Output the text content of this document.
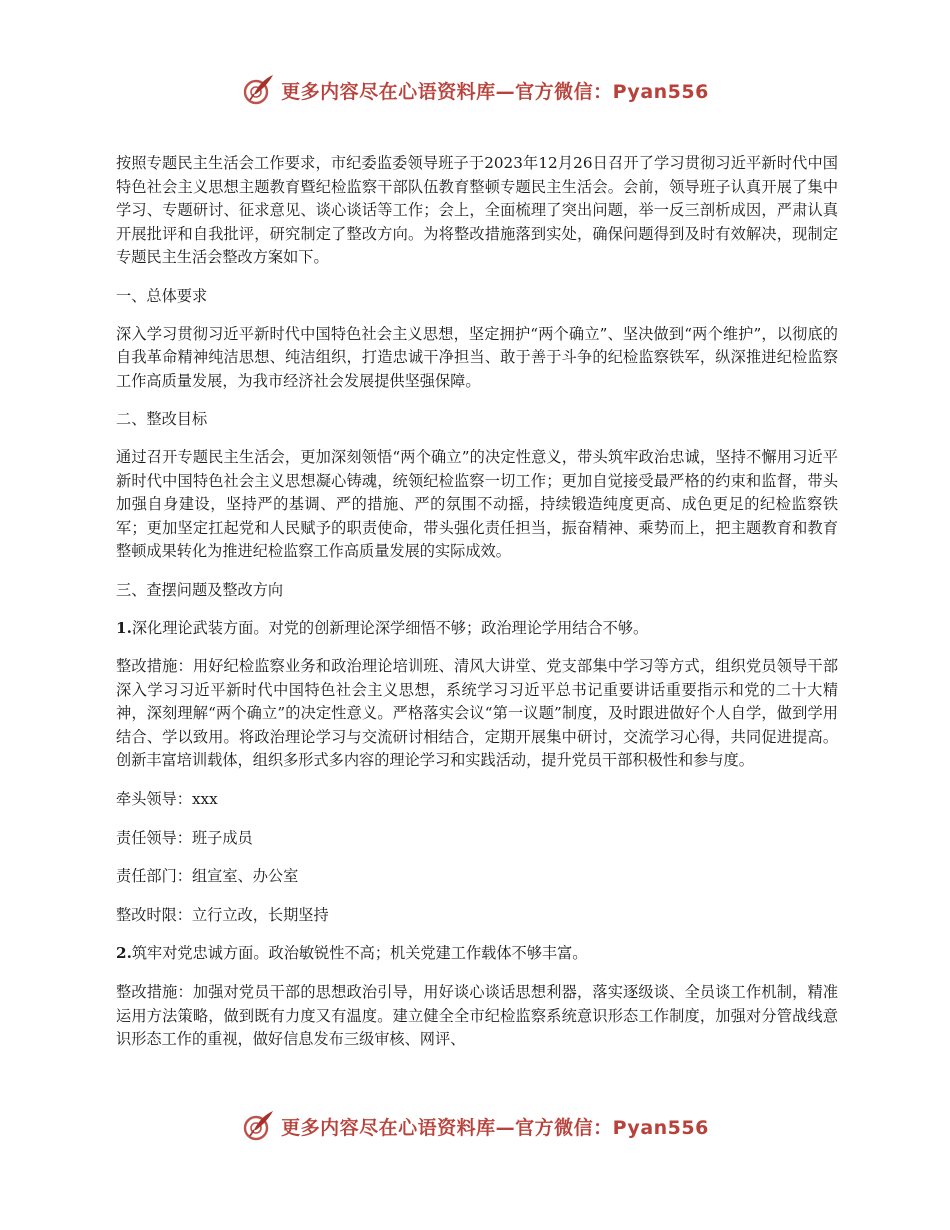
更多内容尽在心语资料库—官方微信：Pyan556

按照专题民主生活会工作要求，市纪委监委领导班子于2023年12月26日召开了学习贯彻习近平新时代中国特色社会主义思想主题教育暨纪检监察干部队伍教育整顿专题民主生活会。会前，领导班子认真开展了集中学习、专题研讨、征求意见、谈心谈话等工作；会上，全面梳理了突出问题，举一反三剖析成因，严肃认真开展批评和自我批评，研究制定了整改方向。为将整改措施落到实处，确保问题得到及时有效解决，现制定专题民主生活会整改方案如下。

一、总体要求

深入学习贯彻习近平新时代中国特色社会主义思想，坚定拥护“两个确立”、坚决做到“两个维护”，以彻底的自我革命精神纯洁思想、纯洁组织，打造忠诚干净担当、敢于善于斗争的纪检监察铁军，纵深推进纪检监察工作高质量发展，为我市经济社会发展提供坚强保障。

二、整改目标

通过召开专题民主生活会，更加深刻领悟“两个确立”的决定性意义，带头筑牢政治忠诚，坚持不懈用习近平新时代中国特色社会主义思想凝心铸魂，统领纪检监察一切工作；更加自觉接受最严格的约束和监督，带头加强自身建设，坚持严的基调、严的措施、严的氛围不动摇，持续锻造纯度更高、成色更足的纪检监察铁军；更加坚定扛起党和人民赋予的职责使命，带头强化责任担当，振奋精神、乘势而上，把主题教育和教育整顿成果转化为推进纪检监察工作高质量发展的实际成效。

三、查摆问题及整改方向

1.深化理论武装方面。对党的创新理论深学细悟不够；政治理论学用结合不够。

整改措施：用好纪检监察业务和政治理论培训班、清风大讲堂、党支部集中学习等方式，组织党员领导干部深入学习习近平新时代中国特色社会主义思想，系统学习习近平总书记重要讲话重要指示和党的二十大精神，深刻理解“两个确立”的决定性意义。严格落实会议“第一议题”制度，及时跟进做好个人自学，做到学用结合、学以致用。将政治理论学习与交流研讨相结合，定期开展集中研讨，交流学习心得，共同促进提高。创新丰富培训载体，组织多形式多内容的理论学习和实践活动，提升党员干部积极性和参与度。

牵头领导：xxx

责任领导：班子成员

责任部门：组宣室、办公室

整改时限：立行立改，长期坚持

2.筑牢对党忠诚方面。政治敏锐性不高；机关党建工作载体不够丰富。

整改措施：加强对党员干部的思想政治引导，用好谈心谈话思想利器，落实逐级谈、全员谈工作机制，精准运用方法策略，做到既有力度又有温度。建立健全全市纪检监察系统意识形态工作制度，加强对分管战线意识形态工作的重视，做好信息发布三级审核、网评、

更多内容尽在心语资料库—官方微信：Pyan556
